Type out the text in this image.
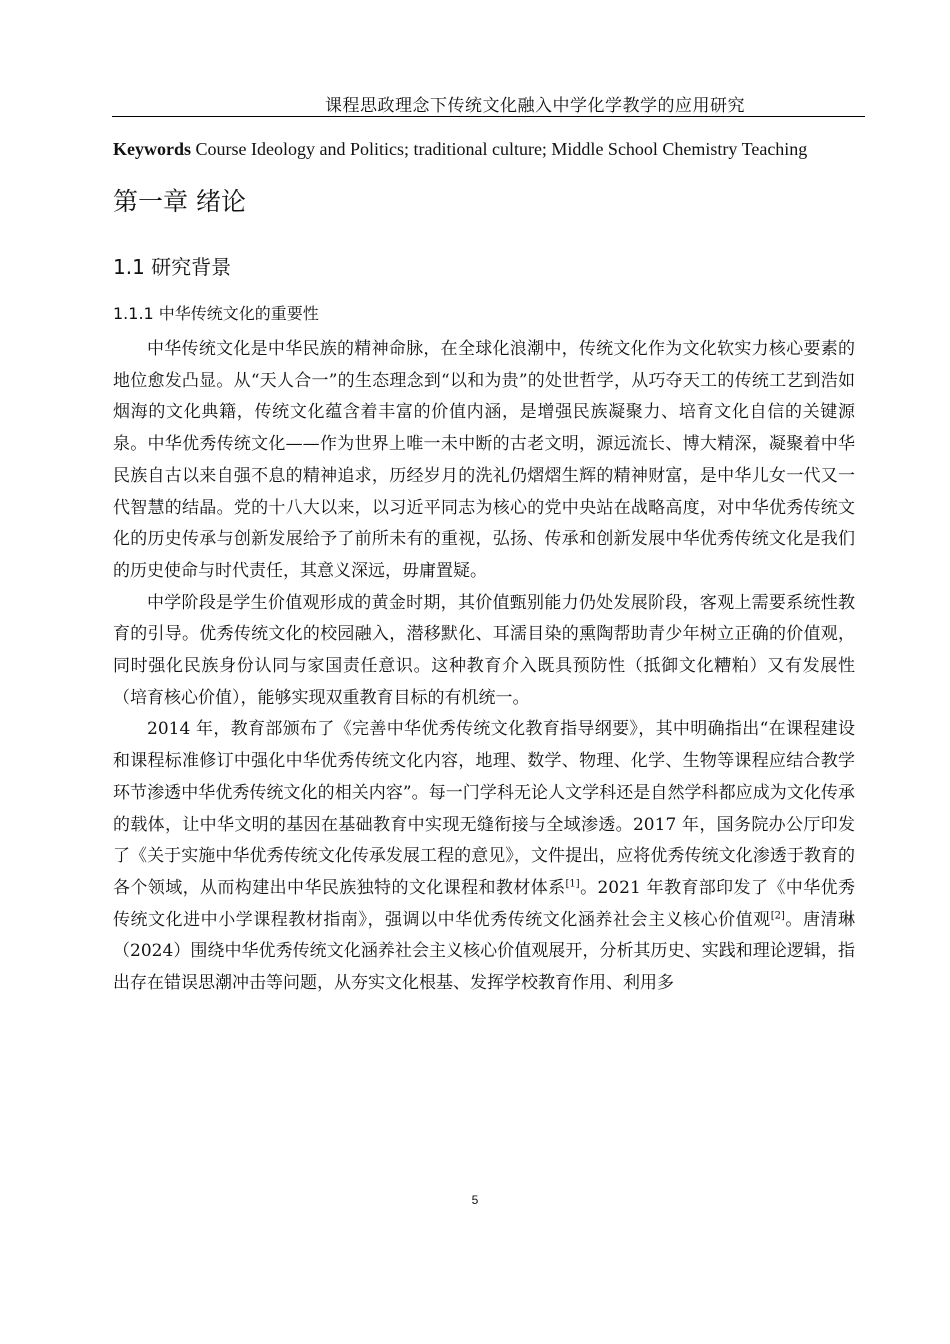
课程思政理念下传统文化融入中学化学教学的应用研究
Keywords Course Ideology and Politics; traditional culture; Middle School Chemistry Teaching
第一章 绪论
1.1 研究背景
1.1.1 中华传统文化的重要性

中华传统文化是中华民族的精神命脉，在全球化浪潮中，传统文化作为文化软实力核心要素的地位愈发凸显。从“天人合一”的生态理念到“以和为贵”的处世哲学，从巧夺天工的传统工艺到浩如烟海的文化典籍，传统文化蕴含着丰富的价值内涵，是增强民族凝聚力、培育文化自信的关键源泉。中华优秀传统文化——作为世界上唯一未中断的古老文明，源远流长、博大精深，凝聚着中华民族自古以来自强不息的精神追求，历经岁月的洗礼仍熠熠生辉的精神财富，是中华儿女一代又一代智慧的结晶。党的十八大以来，以习近平同志为核心的党中央站在战略高度，对中华优秀传统文化的历史传承与创新发展给予了前所未有的重视，弘扬、传承和创新发展中华优秀传统文化是我们的历史使命与时代责任，其意义深远，毋庸置疑。

中学阶段是学生价值观形成的黄金时期，其价值甄别能力仍处发展阶段，客观上需要系统性教育的引导。优秀传统文化的校园融入，潜移默化、耳濡目染的熏陶帮助青少年树立正确的价值观，同时强化民族身份认同与家国责任意识。这种教育介入既具预防性（抵御文化糟粕）又有发展性（培育核心价值），能够实现双重教育目标的有机统一。

2014 年，教育部颁布了《完善中华优秀传统文化教育指导纲要》，其中明确指出“在课程建设和课程标准修订中强化中华优秀传统文化内容，地理、数学、物理、化学、生物等课程应结合教学环节渗透中华优秀传统文化的相关内容”。每一门学科无论人文学科还是自然学科都应成为文化传承的载体，让中华文明的基因在基础教育中实现无缝衔接与全域渗透。2017 年，国务院办公厅印发了《关于实施中华优秀传统文化传承发展工程的意见》，文件提出，应将优秀传统文化渗透于教育的各个领域，从而构建出中华民族独特的文化课程和教材体系[1]。2021 年教育部印发了《中华优秀传统文化进中小学课程教材指南》，强调以中华优秀传统文化涵养社会主义核心价值观[2]。唐清琳（2024）围绕中华优秀传统文化涵养社会主义核心价值观展开，分析其历史、实践和理论逻辑，指出存在错误思潮冲击等问题，从夯实文化根基、发挥学校教育作用、利用多

5
